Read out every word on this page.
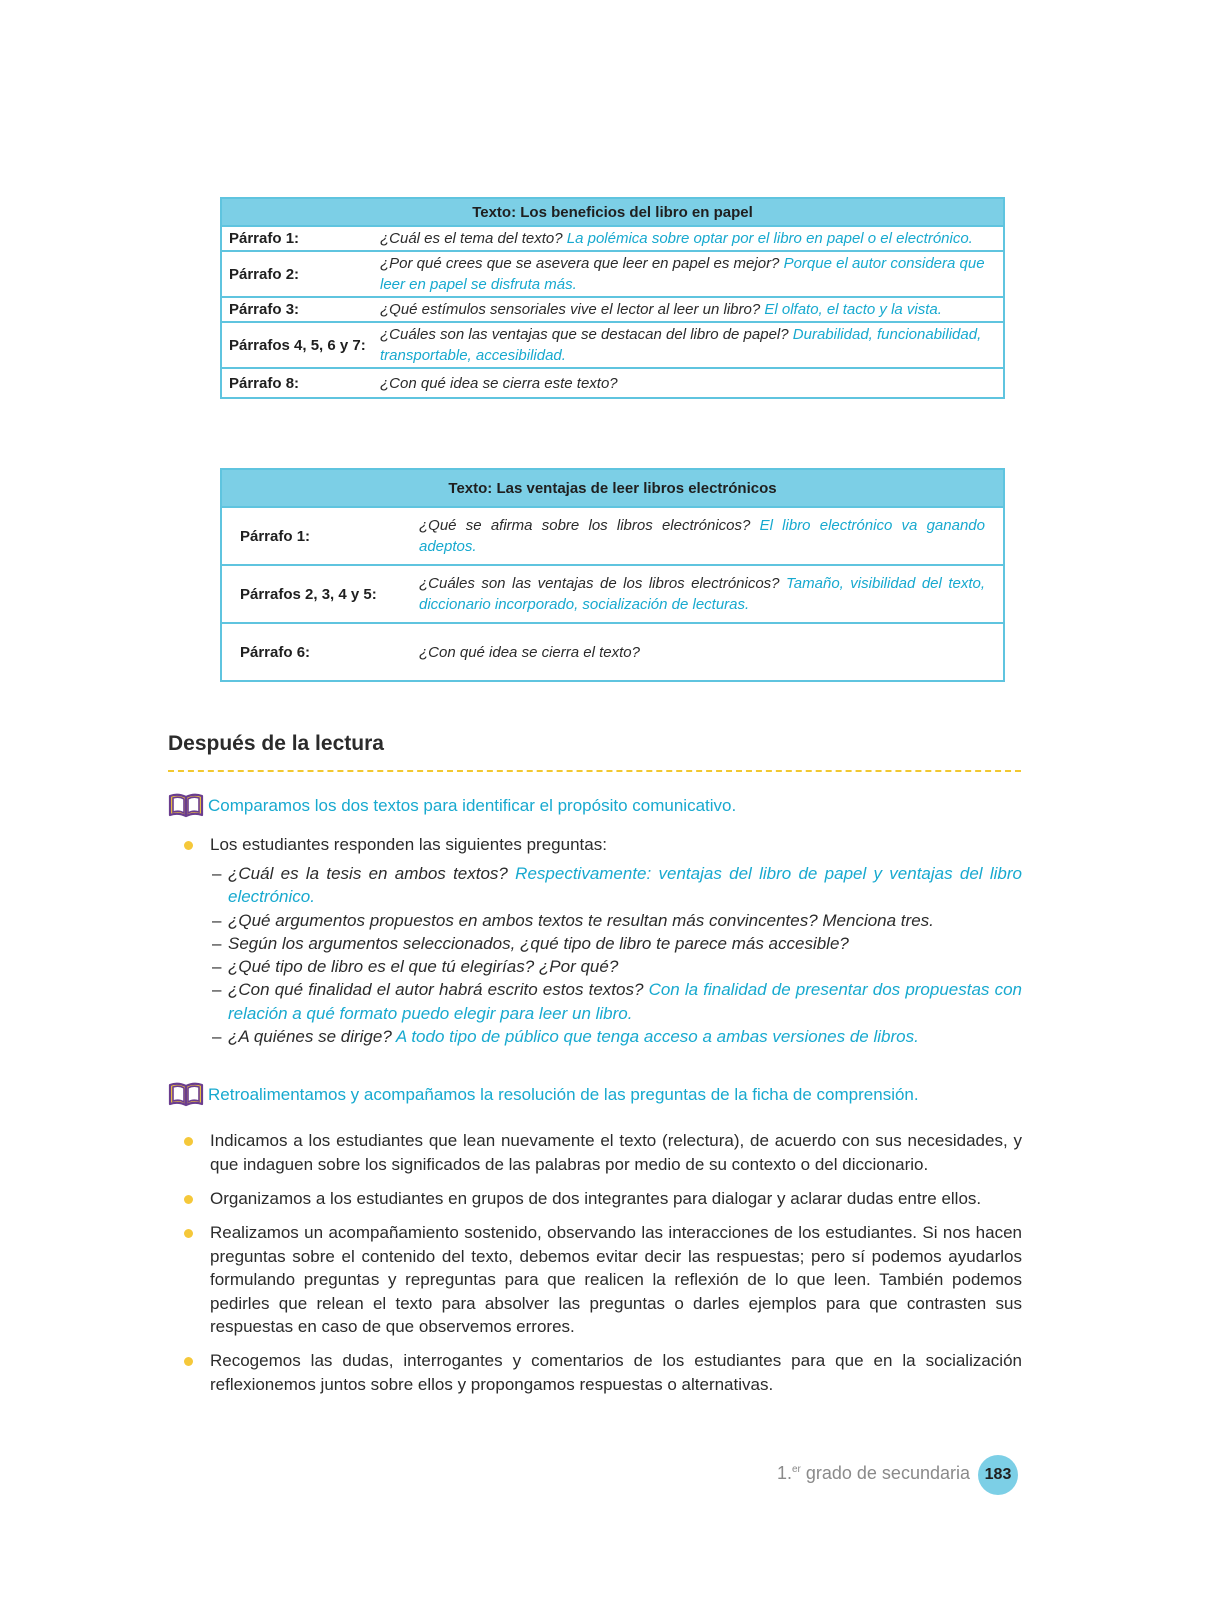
Texto: Los beneficios del libro en papel	
Párrafo 1:	¿Cuál es el tema del texto? La polémica sobre optar por el libro en papel o el electrónico.
Párrafo 2:	¿Por qué crees que se asevera que leer en papel es mejor? Porque el autor considera que leer en papel se disfruta más.
Párrafo 3:	¿Qué estímulos sensoriales vive el lector al leer un libro? El olfato, el tacto y la vista.
Párrafos 4, 5, 6 y 7:	¿Cuáles son las ventajas que se destacan del libro de papel? Durabilidad, funcionabilidad, transportable, accesibilidad.
Párrafo 8:	¿Con qué idea se cierra este texto?
Texto: Las ventajas de leer libros electrónicos	
Párrafo 1:	¿Qué se afirma sobre los libros electrónicos? El libro electrónico va ganando adeptos.
Párrafos 2, 3, 4 y 5:	¿Cuáles son las ventajas de los libros electrónicos? Tamaño, visibilidad del texto, diccionario incorporado, socialización de lecturas.
Párrafo 6:	¿Con qué idea se cierra el texto?
Después de la lectura
Comparamos los dos textos para identificar el propósito comunicativo.
Los estudiantes responden las siguientes preguntas:
– ¿Cuál es la tesis en ambos textos? Respectivamente: ventajas del libro de papel y ventajas del libro electrónico.
– ¿Qué argumentos propuestos en ambos textos te resultan más convincentes? Menciona tres.
– Según los argumentos seleccionados, ¿qué tipo de libro te parece más accesible?
– ¿Qué tipo de libro es el que tú elegirías? ¿Por qué?
– ¿Con qué finalidad el autor habrá escrito estos textos? Con la finalidad de presentar dos propuestas con relación a qué formato puedo elegir para leer un libro.
– ¿A quiénes se dirige? A todo tipo de público que tenga acceso a ambas versiones de libros.
Retroalimentamos y acompañamos la resolución de las preguntas de la ficha de comprensión.
Indicamos a los estudiantes que lean nuevamente el texto (relectura), de acuerdo con sus necesidades, y que indaguen sobre los significados de las palabras por medio de su contexto o del diccionario.
Organizamos a los estudiantes en grupos de dos integrantes para dialogar y aclarar dudas entre ellos.
Realizamos un acompañamiento sostenido, observando las interacciones de los estudiantes. Si nos hacen preguntas sobre el contenido del texto, debemos evitar decir las respuestas; pero sí podemos ayudarlos formulando preguntas y repreguntas para que realicen la reflexión de lo que leen. También podemos pedirles que relean el texto para absolver las preguntas o darles ejemplos para que contrasten sus respuestas en caso de que observemos errores.
Recogemos las dudas, interrogantes y comentarios de los estudiantes para que en la socialización reflexionemos juntos sobre ellos y propongamos respuestas o alternativas.
1.$^{er}$ grado de secundaria 183
